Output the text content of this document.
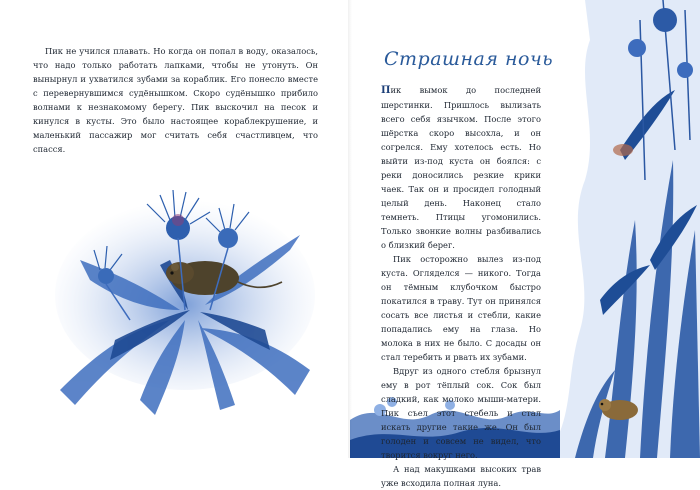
Пик не учился плавать. Но когда он попал в воду, оказалось, что надо только работать лапками, чтобы не утонуть. Он вынырнул и ухватился зубами за кораблик. Его понесло вместе с перевернувшимся судёнышком. Скоро судёнышко прибило волнами к незнакомому берегу. Пик выскочил на песок и кинулся в кусты. Это было настоящее кораблекрушение, и маленький пассажир мог считать себя счастливцем, что спасся.

Страшная ночь

Пик вымок до последней шерстинки. Пришлось вылизать всего себя язычком. После этого шёрстка скоро высохла, и он согрелся. Ему хотелось есть. Но выйти из-под куста он боялся: с реки доносились резкие крики чаек. Так он и просидел голодный целый день. Наконец стало темнеть. Птицы угомонились. Только звонкие волны разбивались о близкий берег.

Пик осторожно вылез из-под куста. Огляделся — никого. Тогда он тёмным клубочком быстро покатился в траву. Тут он принялся сосать все листья и стебли, какие попадались ему на глаза. Но молока в них не было. С досады он стал теребить и рвать их зубами.

Вдруг из одного стебля брызнул ему в рот тёплый сок. Сок был сладкий, как молоко мыши-матери. Пик съел этот стебель и стал искать другие такие же. Он был голоден и совсем не видел, что творится вокруг него.

А над макушками высоких трав уже всходила полная луна.
